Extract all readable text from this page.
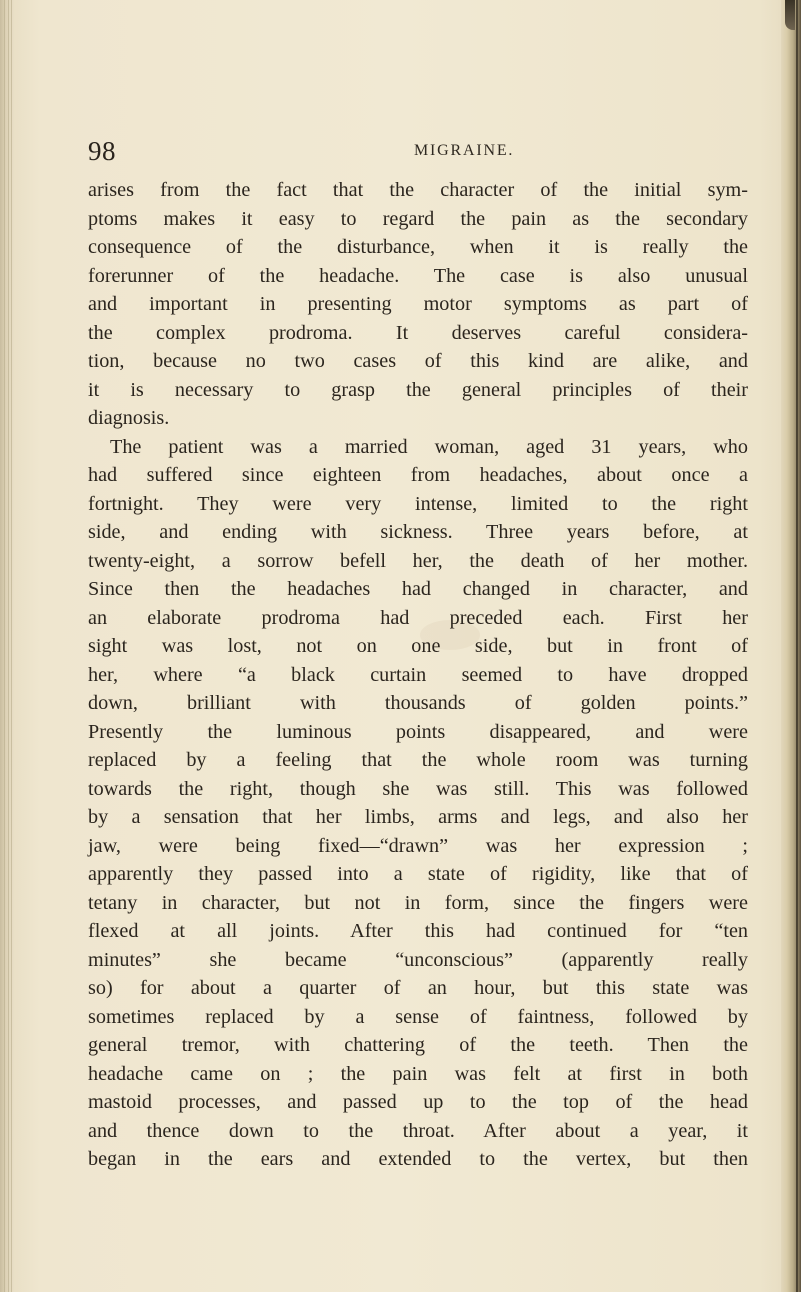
98	MIGRAINE.
arises from the fact that the character of the initial sym-
ptoms makes it easy to regard the pain as the secondary
consequence of the disturbance, when it is really the
forerunner of the headache. The case is also unusual
and important in presenting motor symptoms as part of
the complex prodroma. It deserves careful considera-
tion, because no two cases of this kind are alike, and
it is necessary to grasp the general principles of their
diagnosis.
The patient was a married woman, aged 31 years, who
had suffered since eighteen from headaches, about once a
fortnight. They were very intense, limited to the right
side, and ending with sickness. Three years before, at
twenty-eight, a sorrow befell her, the death of her mother.
Since then the headaches had changed in character, and
an elaborate prodroma had preceded each. First her
sight was lost, not on one side, but in front of
her, where “a black curtain seemed to have dropped
down, brilliant with thousands of golden points.”
Presently the luminous points disappeared, and were
replaced by a feeling that the whole room was turning
towards the right, though she was still. This was followed
by a sensation that her limbs, arms and legs, and also her
jaw, were being fixed—“drawn” was her expression ;
apparently they passed into a state of rigidity, like that of
tetany in character, but not in form, since the fingers were
flexed at all joints. After this had continued for “ten
minutes” she became “unconscious” (apparently really
so) for about a quarter of an hour, but this state was
sometimes replaced by a sense of faintness, followed by
general tremor, with chattering of the teeth. Then the
headache came on ; the pain was felt at first in both
mastoid processes, and passed up to the top of the head
and thence down to the throat. After about a year, it
began in the ears and extended to the vertex, but then
